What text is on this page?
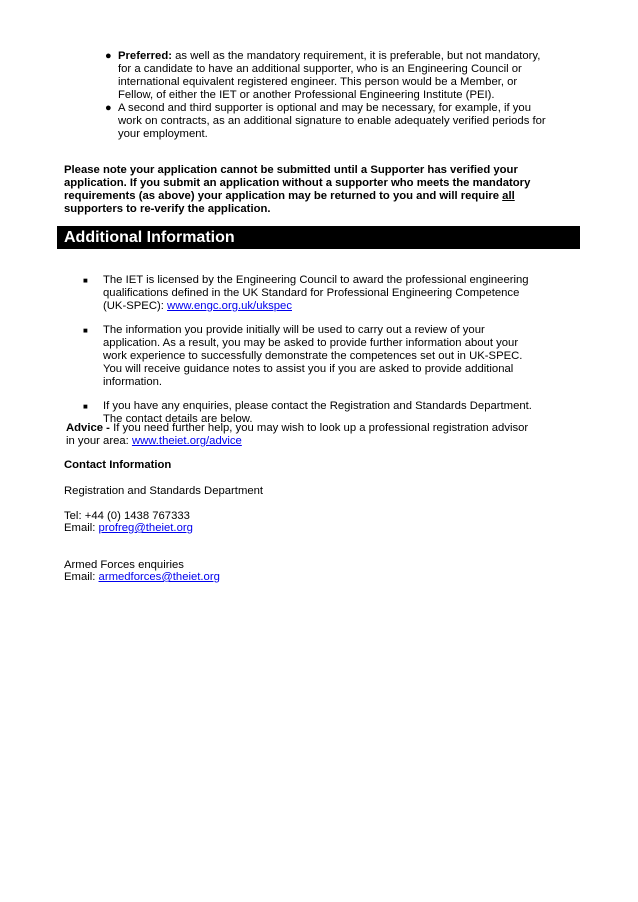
● Preferred: as well as the mandatory requirement, it is preferable, but not mandatory, for a candidate to have an additional supporter, who is an Engineering Council or international equivalent registered engineer. This person would be a Member, or Fellow, of either the IET or another Professional Engineering Institute (PEI).
● A second and third supporter is optional and may be necessary, for example, if you work on contracts, as an additional signature to enable adequately verified periods for your employment.
Please note your application cannot be submitted until a Supporter has verified your application. If you submit an application without a supporter who meets the mandatory requirements (as above) your application may be returned to you and will require all supporters to re-verify the application.
Additional Information
■ The IET is licensed by the Engineering Council to award the professional engineering qualifications defined in the UK Standard for Professional Engineering Competence (UK-SPEC): www.engc.org.uk/ukspec
■ The information you provide initially will be used to carry out a review of your application. As a result, you may be asked to provide further information about your work experience to successfully demonstrate the competences set out in UK-SPEC. You will receive guidance notes to assist you if you are asked to provide additional information.
■ If you have any enquiries, please contact the Registration and Standards Department. The contact details are below.
Advice - If you need further help, you may wish to look up a professional registration advisor in your area: www.theiet.org/advice
Contact Information
Registration and Standards Department
Tel: +44 (0) 1438 767333
Email: profreg@theiet.org
Armed Forces enquiries
Email: armedforces@theiet.org
